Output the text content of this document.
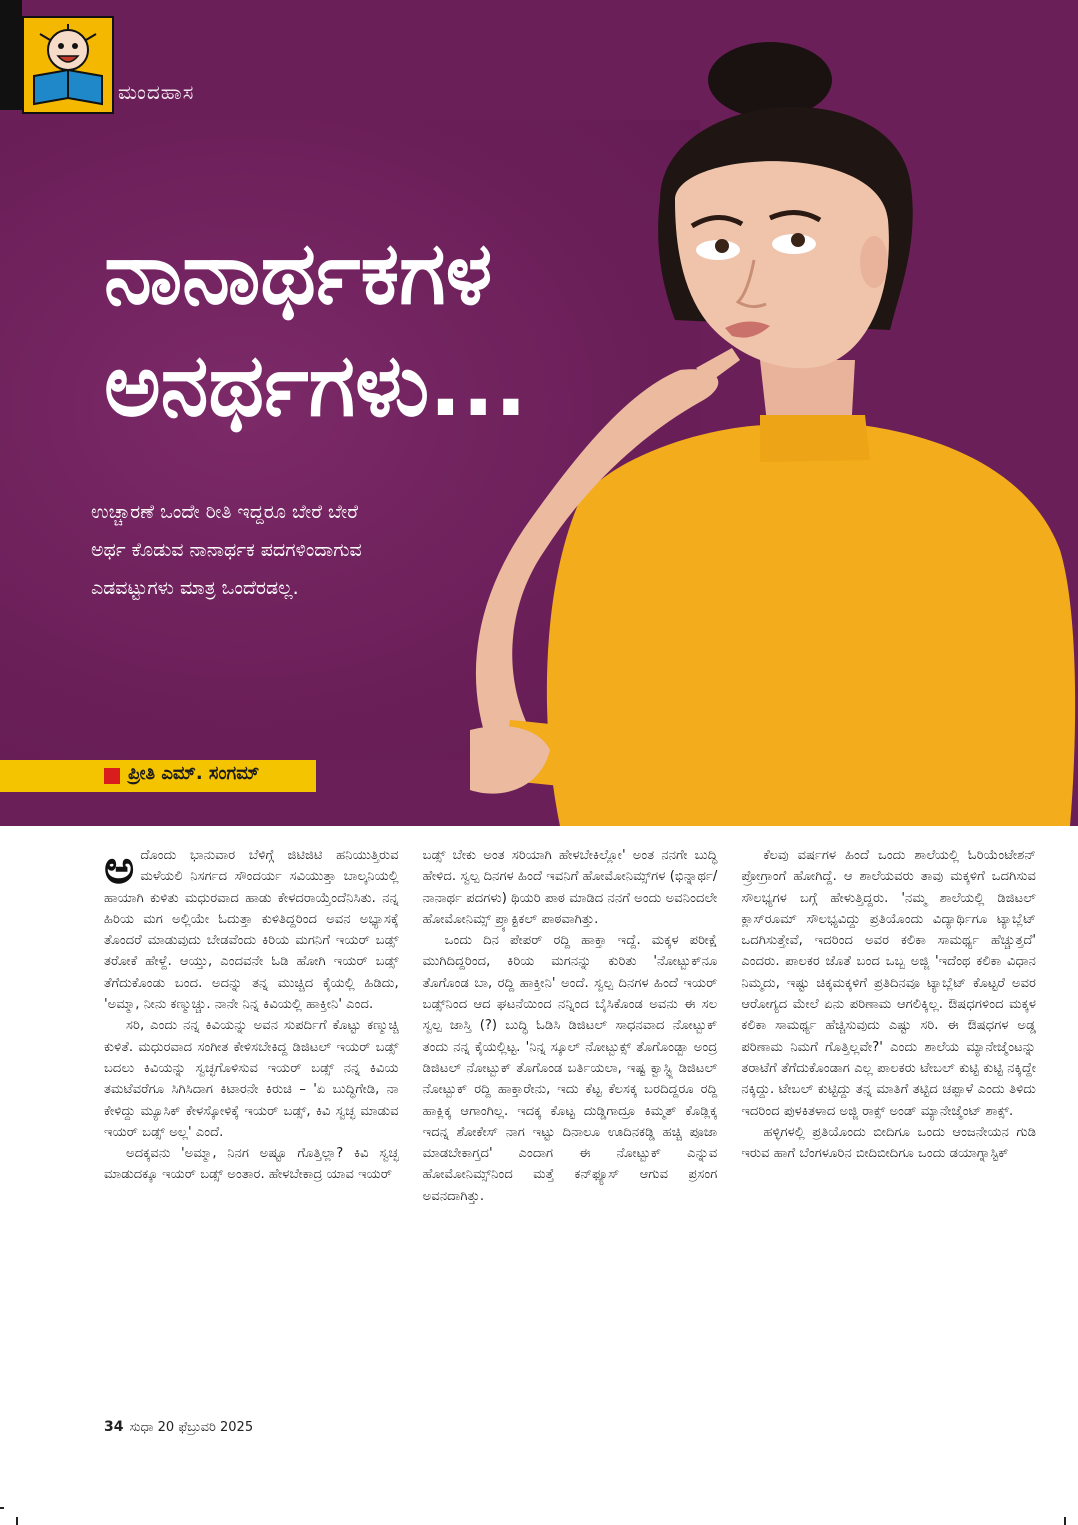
ಮಂದಹಾಸ
ನಾನಾರ್ಥಕಗಳ
ಅನರ್ಥಗಳು...

ಉಚ್ಚಾರಣೆ ಒಂದೇ ರೀತಿ ಇದ್ದರೂ ಬೇರೆ ಬೇರೆ ಅರ್ಥ ಕೊಡುವ ನಾನಾರ್ಥಕ ಪದಗಳಿಂದಾಗುವ ಎಡವಟ್ಟುಗಳು ಮಾತ್ರ ಒಂದೆರಡಲ್ಲ.

ಪ್ರೀತಿ ಎಮ್. ಸಂಗಮ್

ಅದೊಂದು ಭಾನುವಾರ ಬೆಳಿಗ್ಗೆ ಜಿಟಿಜಿಟಿ ಹನಿಯುತ್ತಿರುವ ಮಳೆಯಲಿ ನಿಸರ್ಗದ ಸೌಂದರ್ಯ ಸವಿಯುತ್ತಾ ಬಾಲ್ಕನಿಯಲ್ಲಿ ಹಾಯಾಗಿ ಕುಳಿತು ಮಧುರವಾದ ಹಾಡು ಕೇಳದರಾಯ್ತೆಂದೆನಿಸಿತು. ನನ್ನ ಹಿರಿಯ ಮಗ ಅಲ್ಲಿಯೇ ಓದುತ್ತಾ ಕುಳಿತಿದ್ದರಿಂದ ಅವನ ಅಭ್ಯಾಸಕ್ಕೆ ತೊಂದರೆ ಮಾಡುವುದು ಬೇಡವೆಂದು ಕಿರಿಯ ಮಗನಿಗೆ ಇಯರ್ ಬಡ್ಸ್ ತರೋಕೆ ಹೇಳ್ದೆ. ಆಯ್ತು, ಎಂದವನೇ ಓಡಿ ಹೋಗಿ ಇಯರ್ ಬಡ್ಸ್ ತೆಗೆದುಕೊಂಡು ಬಂದ. ಅದನ್ನು ತನ್ನ ಮುಚ್ಚಿದ ಕೈಯಲ್ಲಿ ಹಿಡಿದು, 'ಅಮ್ಮಾ, ನೀನು ಕಣ್ಮುಚ್ಚು. ನಾನೇ ನಿನ್ನ ಕಿವಿಯಲ್ಲಿ ಹಾಕ್ತೀನಿ' ಎಂದ.

ಸರಿ, ಎಂದು ನನ್ನ ಕಿವಿಯನ್ನು ಅವನ ಸುಪರ್ದಿಗೆ ಕೊಟ್ಟು ಕಣ್ಮುಚ್ಚಿ ಕುಳಿತೆ. ಮಧುರವಾದ ಸಂಗೀತ ಕೇಳಿಸಬೇಕಿದ್ದ ಡಿಜಿಟಲ್ ಇಯರ್ ಬಡ್ಸ್ ಬದಲು ಕಿವಿಯನ್ನು ಸ್ವಚ್ಛಗೊಳಿಸುವ ಇಯರ್ ಬಡ್ಸ್ ನನ್ನ ಕಿವಿಯ ತಮಟೆವರೆಗೂ ಸಿಗಿಸಿದಾಗ ಕಿಟಾರನೇ ಕಿರುಚಿ – 'ಏ ಬುದ್ಧಿಗೇಡಿ, ನಾ ಕೇಳಿದ್ದು ಮ್ಯೂಸಿಕ್ ಕೇಳಸ್ಕೋಳಿಕ್ಕೆ ಇಯರ್ ಬಡ್ಸ್, ಕಿವಿ ಸ್ವಚ್ಛ ಮಾಡುವ ಇಯರ್ ಬಡ್ಸ್ ಅಲ್ಲ' ಎಂದೆ.

ಅದಕ್ಕವನು 'ಅಮ್ಮಾ, ನಿನಗ ಅಷ್ಟೂ ಗೊತ್ತಿಲ್ಲಾ? ಕಿವಿ ಸ್ವಚ್ಛ ಮಾಡುದಕ್ಕೂ ಇಯರ್ ಬಡ್ಸ್ ಅಂತಾರ. ಹೇಳಬೇಕಾದ್ರ ಯಾವ ಇಯರ್

ಬಡ್ಸ್ ಬೇಕು ಅಂತ ಸರಿಯಾಗಿ ಹೇಳಬೇಕಿಲ್ಲೋ' ಅಂತ ನನಗೇ ಬುದ್ಧಿ ಹೇಳಿದ. ಸ್ವಲ್ಪ ದಿನಗಳ ಹಿಂದೆ ಇವನಿಗೆ ಹೋಮೋನಿಮ್ಸ್‌ಗಳ (ಭಿನ್ನಾರ್ಥ/ನಾನಾರ್ಥ ಪದಗಳು) ಥಿಯರಿ ಪಾಠ ಮಾಡಿದ ನನಗೆ ಅಂದು ಅವನಿಂದಲೇ ಹೋಮೋನಿಮ್ಸ್ ಪ್ರ್ಯಾಕ್ಟಿಕಲ್ ಪಾಠವಾಗಿತ್ತು.

ಒಂದು ದಿನ ಪೇಪರ್ ರದ್ದಿ ಹಾಕ್ತಾ ಇದ್ದೆ. ಮಕ್ಕಳ ಪರೀಕ್ಷೆ ಮುಗಿದಿದ್ದರಿಂದ, ಕಿರಿಯ ಮಗನನ್ನು ಕುರಿತು 'ನೋಟ್ಬುಕ್‌ನೂ ತೊಗೊಂಡ ಬಾ, ರದ್ದಿ ಹಾಕ್ತೀನಿ' ಅಂದೆ. ಸ್ವಲ್ಪ ದಿನಗಳ ಹಿಂದೆ ಇಯರ್ ಬಡ್ಸ್‌ನಿಂದ ಆದ ಘಟನೆಯಿಂದ ನನ್ನಿಂದ ಬೈಸಿಕೊಂಡ ಅವನು ಈ ಸಲ ಸ್ವಲ್ಪ ಜಾಸ್ತಿ (?) ಬುದ್ಧಿ ಓಡಿಸಿ ಡಿಜಿಟಲ್ ಸಾಧನವಾದ ನೋಟ್ಬುಕ್ ತಂದು ನನ್ನ ಕೈಯಲ್ಲಿಟ್ಟ. 'ನಿನ್ನ ಸ್ಕೂಲ್ ನೋಟ್ಬುಕ್ಸ್ ತೊಗೊಂಡ್ಬಾ ಅಂದ್ರ ಡಿಜಿಟಲ್ ನೋಟ್ಬುಕ್ ತೊಗೊಂಡ ಬರ್ತಿಯಲಾ, ಇಷ್ಟ ಕ್ವಾಸ್ಟ್ಲಿ ಡಿಜಿಟಲ್ ನೋಟ್ಬುಕ್ ರದ್ದಿ ಹಾಕ್ತಾರೇನು, ಇದು ಕೆಟ್ಟ ಕೆಲಸಕ್ಕ ಬರದಿದ್ದರೂ ರದ್ದಿ ಹಾಕ್ಲಿಕ್ಕ ಆಗಾಂಗಿಲ್ಲ. ಇದಕ್ಕ ಕೊಟ್ಟ ದುಡ್ಡಿಗಾದ್ರೂ ಕಿಮ್ಮತ್ ಕೊಡ್ಲಿಕ್ಕ ಇದನ್ನ ಶೋಕೇಸ್ ನಾಗ ಇಟ್ಟು ದಿನಾಲೂ ಊದಿನಕಡ್ಡಿ ಹಚ್ಚಿ ಪೂಜಾ ಮಾಡಬೇಕಾಗ್ತದ' ಎಂದಾಗ ಈ ನೋಟ್ಬುಕ್ ಎನ್ನುವ ಹೋಮೋನಿಮ್ಸ್‌ನಿಂದ ಮತ್ತೆ ಕನ್‌ಫ್ಯೂಸ್ ಆಗುವ ಪ್ರಸಂಗ ಅವನದಾಗಿತ್ತು.

ಕೆಲವು ವರ್ಷಗಳ ಹಿಂದೆ ಒಂದು ಶಾಲೆಯಲ್ಲಿ ಓರಿಯೆಂಟೇಶನ್ ಪ್ರೋಗ್ರಾಂಗೆ ಹೋಗಿದ್ದೆ. ಆ ಶಾಲೆಯವರು ತಾವು ಮಕ್ಕಳಿಗೆ ಒದಗಿಸುವ ಸೌಲಭ್ಯಗಳ ಬಗ್ಗೆ ಹೇಳುತ್ತಿದ್ದರು. 'ನಮ್ಮ ಶಾಲೆಯಲ್ಲಿ ಡಿಜಿಟಲ್ ಕ್ಲಾಸ್‌ರೂಮ್ ಸೌಲಭ್ಯವಿದ್ದು ಪ್ರತಿಯೊಂದು ವಿದ್ಯಾರ್ಥಿಗೂ ಟ್ಯಾಬ್ಲೆಟ್ ಒದಗಿಸುತ್ತೇವೆ, ಇದರಿಂದ ಅವರ ಕಲಿಕಾ ಸಾಮರ್ಥ್ಯ ಹೆಚ್ಚುತ್ತದೆ' ಎಂದರು. ಪಾಲಕರ ಜೊತೆ ಬಂದ ಒಬ್ಬ ಅಜ್ಜಿ 'ಇದೆಂಥ ಕಲಿಕಾ ವಿಧಾನ ನಿಮ್ಮದು, ಇಷ್ಟು ಚಿಕ್ಕಮಕ್ಕಳಿಗೆ ಪ್ರತಿದಿನವೂ ಟ್ಯಾಬ್ಲೆಟ್ ಕೊಟ್ಟರೆ ಅವರ ಆರೋಗ್ಯದ ಮೇಲೆ ಏನು ಪರಿಣಾಮ ಆಗಲಿಕ್ಕಿಲ್ಲ. ಔಷಧಗಳಿಂದ ಮಕ್ಕಳ ಕಲಿಕಾ ಸಾಮರ್ಥ್ಯ ಹೆಚ್ಚಿಸುವುದು ಎಷ್ಟು ಸರಿ. ಈ ಔಷಧಗಳ ಅಡ್ಡ ಪರಿಣಾಮ ನಿಮಗೆ ಗೊತ್ತಿಲ್ಲವೇ?' ಎಂದು ಶಾಲೆಯ ಮ್ಯಾನೇಜ್ಮೆಂಟನ್ನು ತರಾಟೆಗೆ ತೆಗೆದುಕೊಂಡಾಗ ಎಲ್ಲ ಪಾಲಕರು ಟೇಬಲ್ ಕುಟ್ಟಿ ಕುಟ್ಟಿ ನಕ್ಕಿದ್ದೇ ನಕ್ಕಿದ್ದು. ಟೇಬಲ್ ಕುಟ್ಟಿದ್ದು ತನ್ನ ಮಾತಿಗೆ ತಟ್ಟಿದ ಚಪ್ಪಾಳೆ ಎಂದು ತಿಳಿದು ಇದರಿಂದ ಪುಳಕಿತಳಾದ ಅಜ್ಜಿ ರಾಕ್ಸ್ ಅಂಡ್ ಮ್ಯಾನೇಜ್ಮೆಂಟ್ ಶಾಕ್ಸ್.

ಹಳ್ಳಿಗಳಲ್ಲಿ ಪ್ರತಿಯೊಂದು ಬೀದಿಗೂ ಒಂದು ಆಂಜನೇಯನ ಗುಡಿ ಇರುವ ಹಾಗೆ ಬೆಂಗಳೂರಿನ ಬೀದಿಬೀದಿಗೂ ಒಂದು ಡಯಾಗ್ನಾಸ್ಟಿಕ್

34 ಸುಧಾ 20 ಫೆಬ್ರುವರಿ 2025
